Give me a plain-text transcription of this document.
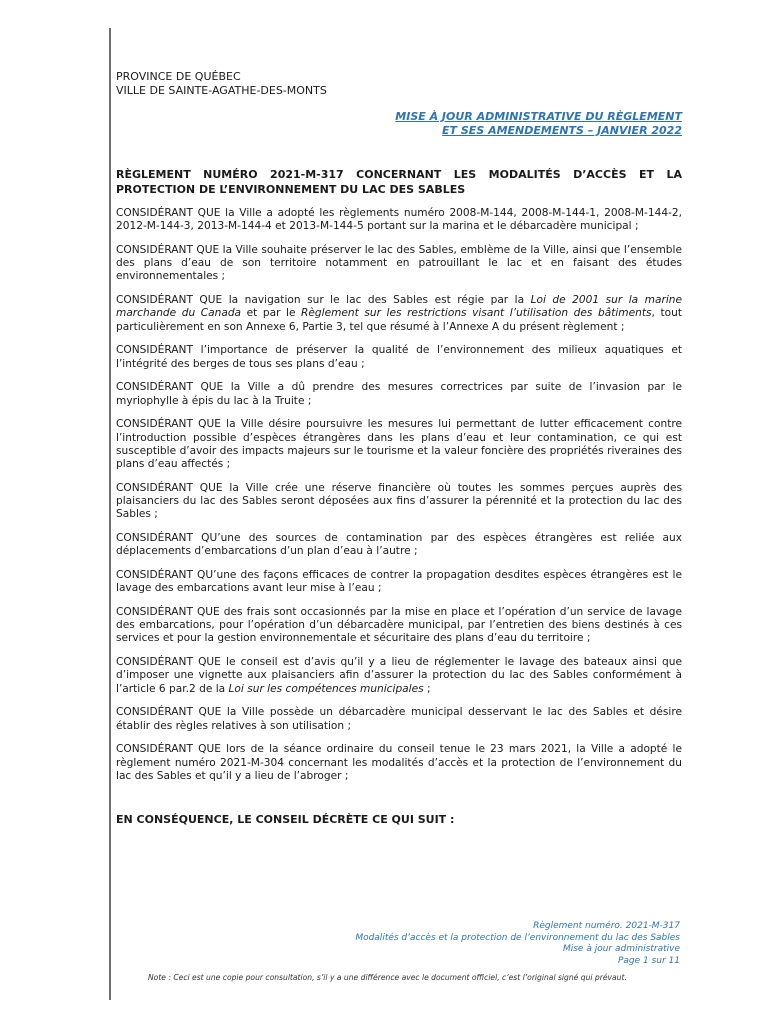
PROVINCE DE QUÉBEC
VILLE DE SAINTE-AGATHE-DES-MONTS
MISE À JOUR ADMINISTRATIVE DU RÈGLEMENT
ET SES AMENDEMENTS – JANVIER 2022
RÈGLEMENT NUMÉRO 2021-M-317 CONCERNANT LES MODALITÉS D’ACCÈS ET LA PROTECTION DE L’ENVIRONNEMENT DU LAC DES SABLES

CONSIDÉRANT QUE la Ville a adopté les règlements numéro 2008-M-144, 2008-M-144-1, 2008-M-144-2, 2012-M-144-3, 2013-M-144-4 et 2013-M-144-5 portant sur la marina et le débarcadère municipal ;

CONSIDÉRANT QUE la Ville souhaite préserver le lac des Sables, emblème de la Ville, ainsi que l’ensemble des plans d’eau de son territoire notamment en patrouillant le lac et en faisant des études environnementales ;

CONSIDÉRANT QUE la navigation sur le lac des Sables est régie par la Loi de 2001 sur la marine marchande du Canada et par le Règlement sur les restrictions visant l’utilisation des bâtiments, tout particulièrement en son Annexe 6, Partie 3, tel que résumé à l’Annexe A du présent règlement ;

CONSIDÉRANT l’importance de préserver la qualité de l’environnement des milieux aquatiques et l’intégrité des berges de tous ses plans d’eau ;

CONSIDÉRANT QUE la Ville a dû prendre des mesures correctrices par suite de l’invasion par le myriophylle à épis du lac à la Truite ;

CONSIDÉRANT QUE la Ville désire poursuivre les mesures lui permettant de lutter efficacement contre l’introduction possible d’espèces étrangères dans les plans d’eau et leur contamination, ce qui est susceptible d’avoir des impacts majeurs sur le tourisme et la valeur foncière des propriétés riveraines des plans d’eau affectés ;

CONSIDÉRANT QUE la Ville crée une réserve financière où toutes les sommes perçues auprès des plaisanciers du lac des Sables seront déposées aux fins d’assurer la pérennité et la protection du lac des Sables ;

CONSIDÉRANT QU’une des sources de contamination par des espèces étrangères est reliée aux déplacements d’embarcations d’un plan d’eau à l’autre ;

CONSIDÉRANT QU’une des façons efficaces de contrer la propagation desdites espèces étrangères est le lavage des embarcations avant leur mise à l’eau ;

CONSIDÉRANT QUE des frais sont occasionnés par la mise en place et l’opération d’un service de lavage des embarcations, pour l’opération d’un débarcadère municipal, par l’entretien des biens destinés à ces services et pour la gestion environnementale et sécuritaire des plans d’eau du territoire ;

CONSIDÉRANT QUE le conseil est d’avis qu’il y a lieu de réglementer le lavage des bateaux ainsi que d’imposer une vignette aux plaisanciers afin d’assurer la protection du lac des Sables conformément à l’article 6 par.2 de la Loi sur les compétences municipales ;

CONSIDÉRANT QUE la Ville possède un débarcadère municipal desservant le lac des Sables et désire établir des règles relatives à son utilisation ;

CONSIDÉRANT QUE lors de la séance ordinaire du conseil tenue le 23 mars 2021, la Ville a adopté le règlement numéro 2021-M-304 concernant les modalités d’accès et la protection de l’environnement du lac des Sables et qu’il y a lieu de l’abroger ;

EN CONSÉQUENCE, LE CONSEIL DÉCRÈTE CE QUI SUIT :
Règlement numéro. 2021-M-317
Modalités d’accès et la protection de l’environnement du lac des Sables
Mise à jour administrative
Page 1 sur 11
Note : Ceci est une copie pour consultation, s’il y a une différence avec le document officiel, c’est l’original signé qui prévaut.
